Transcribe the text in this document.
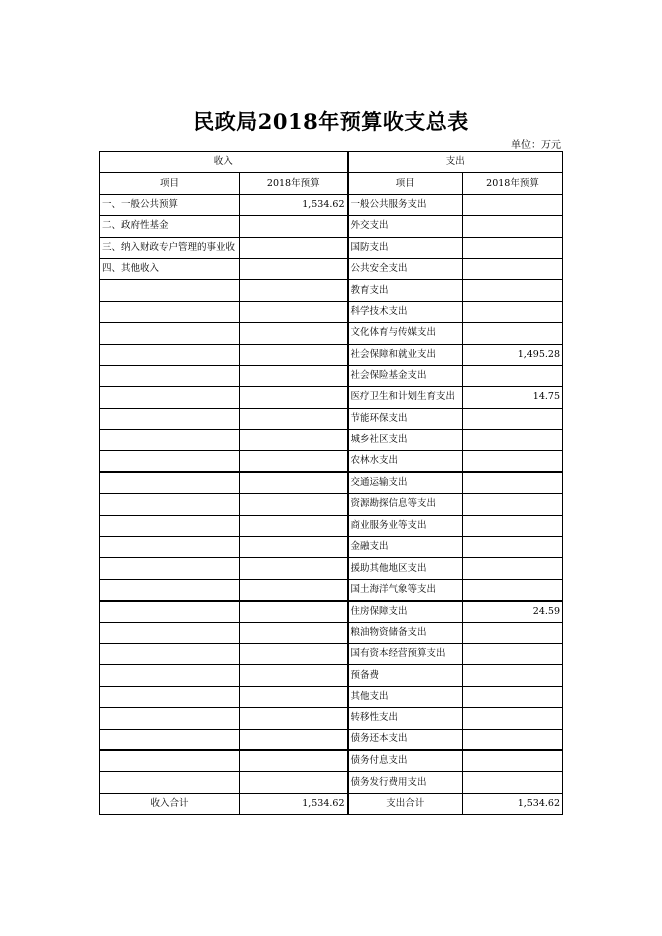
民政局2018年预算收支总表
单位：万元
收入		支出	
项目	2018年预算	项目	2018年预算
一、一般公共预算	1,534.62	一般公共服务支出	
二、政府性基金		外交支出	
三、纳入财政专户管理的事业收		国防支出	
四、其他收入		公共安全支出	
		教育支出	
		科学技术支出	
		文化体育与传媒支出	
		社会保障和就业支出	1,495.28
		社会保险基金支出	
		医疗卫生和计划生育支出	14.75
		节能环保支出	
		城乡社区支出	
		农林水支出	
		交通运输支出	
		资源勘探信息等支出	
		商业服务业等支出	
		金融支出	
		援助其他地区支出	
		国土海洋气象等支出	
		住房保障支出	24.59
		粮油物资储备支出	
		国有资本经营预算支出	
		预备费	
		其他支出	
		转移性支出	
		债务还本支出	
		债务付息支出	
		债务发行费用支出	
收入合计	1,534.62	支出合计	1,534.62
